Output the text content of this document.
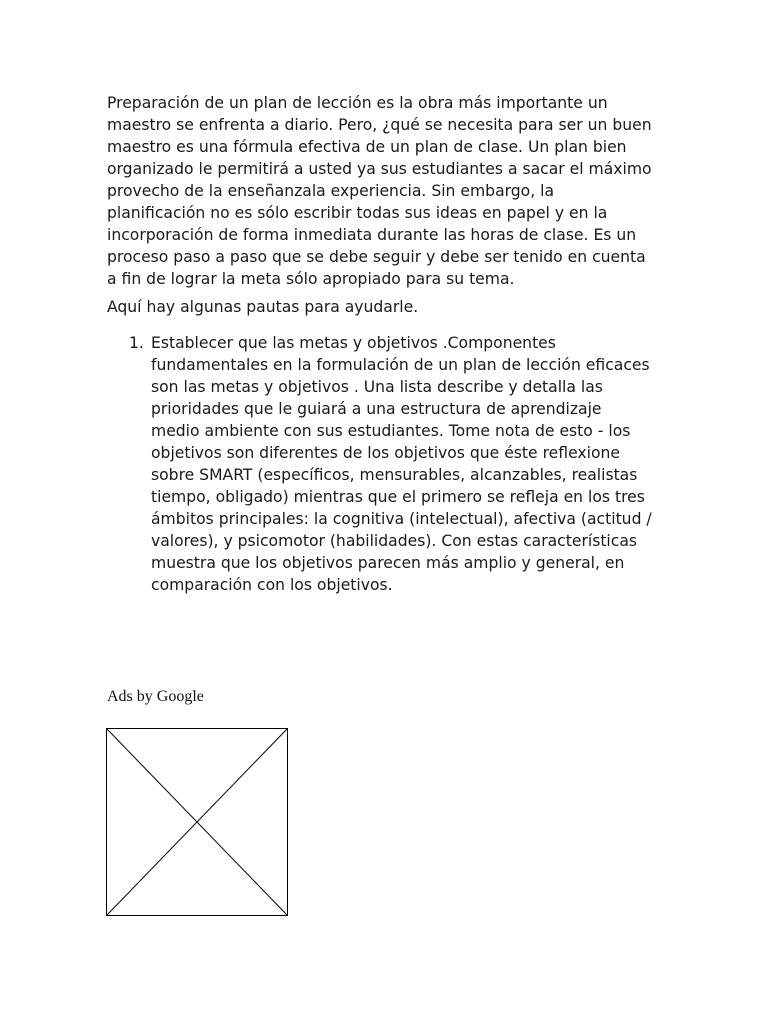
Preparación de un plan de lección es la obra más importante un maestro se enfrenta a diario. Pero, ¿qué se necesita para ser un buen maestro es una fórmula efectiva de un plan de clase. Un plan bien organizado le permitirá a usted ya sus estudiantes a sacar el máximo provecho de la enseñanzala experiencia. Sin embargo, la planificación no es sólo escribir todas sus ideas en papel y en la incorporación de forma inmediata durante las horas de clase. Es un proceso paso a paso que se debe seguir y debe ser tenido en cuenta a fin de lograr la meta sólo apropiado para su tema.

Aquí hay algunas pautas para ayudarle.

1. Establecer que las metas y objetivos .Componentes fundamentales en la formulación de un plan de lección eficaces son las metas y objetivos . Una lista describe y detalla las prioridades que le guiará a una estructura de aprendizaje medio ambiente con sus estudiantes. Tome nota de esto - los objetivos son diferentes de los objetivos que éste reflexione sobre SMART (específicos, mensurables, alcanzables, realistas tiempo, obligado) mientras que el primero se refleja en los tres ámbitos principales: la cognitiva (intelectual), afectiva (actitud / valores), y psicomotor (habilidades). Con estas características muestra que los objetivos parecen más amplio y general, en comparación con los objetivos.
Ads by Google
